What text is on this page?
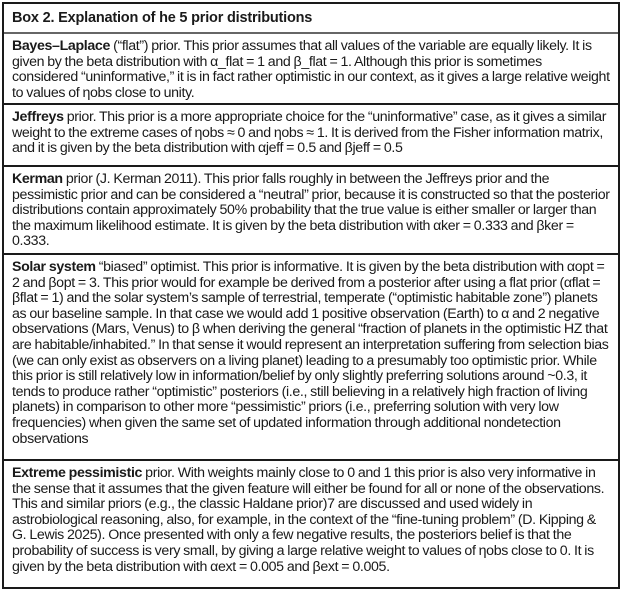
Box 2. Explanation of he 5 prior distributions
Bayes–Laplace (“flat”) prior. This prior assumes that all values of the variable are equally likely. It is given by the beta distribution with α_flat = 1 and β_flat = 1. Although this prior is sometimes considered “uninformative,” it is in fact rather optimistic in our context, as it gives a large relative weight to values of ηobs close to unity.
Jeffreys prior. This prior is a more appropriate choice for the “uninformative” case, as it gives a similar weight to the extreme cases of ηobs ≈ 0 and ηobs ≈ 1. It is derived from the Fisher information matrix, and it is given by the beta distribution with αjeff = 0.5 and βjeff = 0.5
Kerman prior (J. Kerman 2011). This prior falls roughly in between the Jeffreys prior and the pessimistic prior and can be considered a “neutral” prior, because it is constructed so that the posterior distributions contain approximately 50% probability that the true value is either smaller or larger than the maximum likelihood estimate. It is given by the beta distribution with αker = 0.333 and βker = 0.333.
Solar system “biased” optimist. This prior is informative. It is given by the beta distribution with αopt = 2 and βopt = 3. This prior would for example be derived from a posterior after using a flat prior (αflat = βflat = 1) and the solar system’s sample of terrestrial, temperate (“optimistic habitable zone”) planets as our baseline sample. In that case we would add 1 positive observation (Earth) to α and 2 negative observations (Mars, Venus) to β when deriving the general “fraction of planets in the optimistic HZ that are habitable/inhabited.” In that sense it would represent an interpretation suffering from selection bias (we can only exist as observers on a living planet) leading to a presumably too optimistic prior. While this prior is still relatively low in information/belief by only slightly preferring solutions around ~0.3, it tends to produce rather “optimistic” posteriors (i.e., still believing in a relatively high fraction of living planets) in comparison to other more “pessimistic” priors (i.e., preferring solution with very low frequencies) when given the same set of updated information through additional nondetection observations
Extreme pessimistic prior. With weights mainly close to 0 and 1 this prior is also very informative in the sense that it assumes that the given feature will either be found for all or none of the observations. This and similar priors (e.g., the classic Haldane prior)7 are discussed and used widely in astrobiological reasoning, also, for example, in the context of the “fine-tuning problem” (D. Kipping & G. Lewis 2025). Once presented with only a few negative results, the posteriors belief is that the probability of success is very small, by giving a large relative weight to values of ηobs close to 0. It is given by the beta distribution with αext = 0.005 and βext = 0.005.
